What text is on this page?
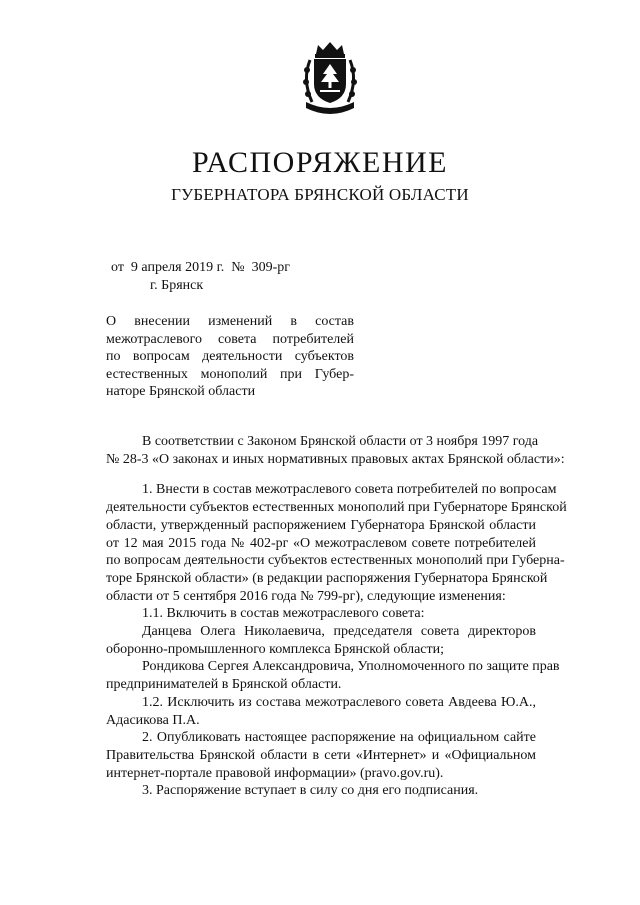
РАСПОРЯЖЕНИЕ
ГУБЕРНАТОРА БРЯНСКОЙ ОБЛАСТИ
от  9 апреля 2019 г.  №  309-рг
г. Брянск
О     внесении     изменений     в     состав
межотраслевого совета потребителей
по вопросам деятельности субъектов
естественных монополий при Губер-
наторе Брянской области
В соответствии с Законом Брянской области от 3 ноября 1997 года
№ 28-3 «О законах и иных нормативных правовых актах Брянской области»:
1. Внести в состав межотраслевого совета потребителей по вопросам
деятельности субъектов естественных монополий при Губернаторе Брянской
области, утвержденный распоряжением Губернатора Брянской области
от 12 мая 2015 года № 402-рг «О межотраслевом совете потребителей
по вопросам деятельности субъектов естественных монополий при Губерна-
торе Брянской области» (в редакции распоряжения Губернатора Брянской
области от 5 сентября 2016 года № 799-рг), следующие изменения:
1.1. Включить в состав межотраслевого совета:
Данцева Олега Николаевича, председателя совета директоров
оборонно-промышленного комплекса Брянской области;
Рондикова Сергея Александровича, Уполномоченного по защите прав
предпринимателей в Брянской области.
1.2. Исключить из состава межотраслевого совета Авдеева Ю.А.,
Адасикова П.А.
2. Опубликовать настоящее распоряжение на официальном сайте
Правительства Брянской области в сети «Интернет» и «Официальном
интернет-портале правовой информации» (pravo.gov.ru).
3. Распоряжение вступает в силу со дня его подписания.
